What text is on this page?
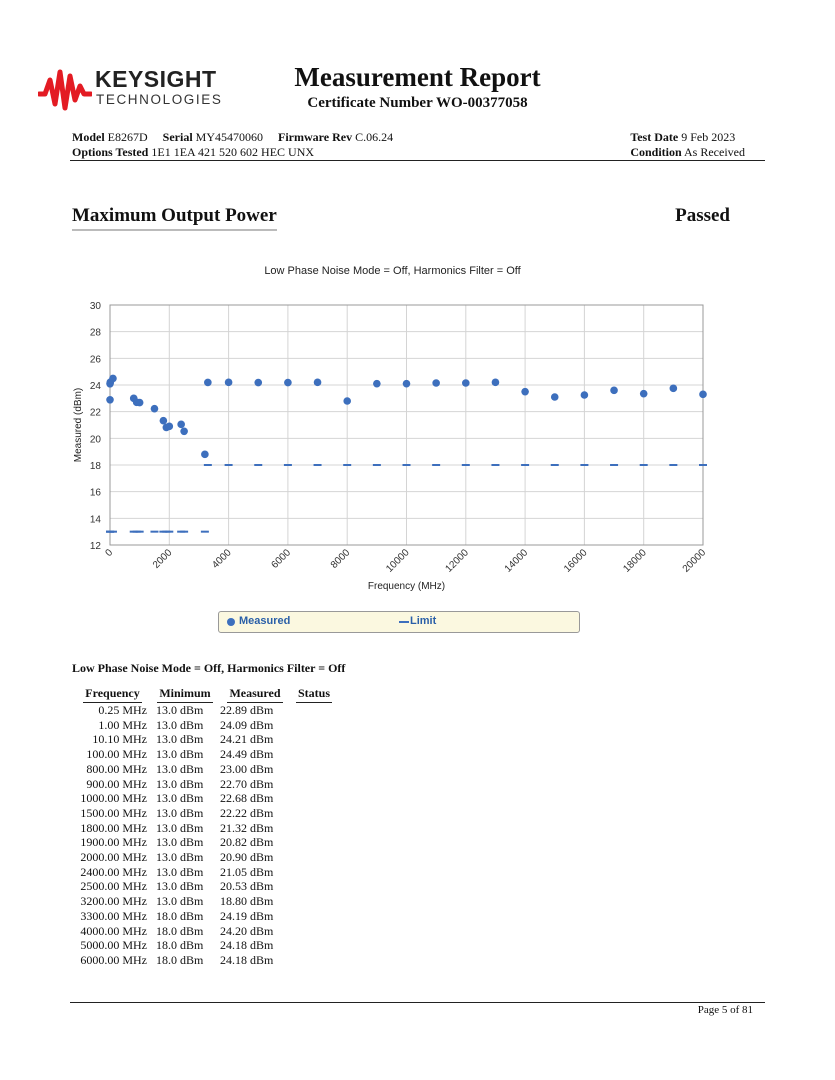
KEYSIGHT
TECHNOLOGIES
Measurement Report
Certificate Number WO-00377058
Model E8267D Serial MY45470060 Firmware Rev C.06.24
Options Tested 1E1 1EA 421 520 602 HEC UNX
Test Date 9 Feb 2023
Condition As Received
Maximum Output Power	Passed
Low Phase Noise Mode = Off, Harmonics Filter = Off
12
14
16
18
20
22
24
26
28
30
0	2000	4000	6000	8000	10000	12000	14000	16000	18000	20000
Frequency (MHz)
Measured (dBm)
Measured	Limit
Low Phase Noise Mode = Off, Harmonics Filter = Off
Frequency	Minimum	Measured	Status
0.25 MHz	13.0 dBm	22.89 dBm	
1.00 MHz	13.0 dBm	24.09 dBm	
10.10 MHz	13.0 dBm	24.21 dBm	
100.00 MHz	13.0 dBm	24.49 dBm	
800.00 MHz	13.0 dBm	23.00 dBm	
900.00 MHz	13.0 dBm	22.70 dBm	
1000.00 MHz	13.0 dBm	22.68 dBm	
1500.00 MHz	13.0 dBm	22.22 dBm	
1800.00 MHz	13.0 dBm	21.32 dBm	
1900.00 MHz	13.0 dBm	20.82 dBm	
2000.00 MHz	13.0 dBm	20.90 dBm	
2400.00 MHz	13.0 dBm	21.05 dBm	
2500.00 MHz	13.0 dBm	20.53 dBm	
3200.00 MHz	13.0 dBm	18.80 dBm	
3300.00 MHz	18.0 dBm	24.19 dBm	
4000.00 MHz	18.0 dBm	24.20 dBm	
5000.00 MHz	18.0 dBm	24.18 dBm	
6000.00 MHz	18.0 dBm	24.18 dBm	
Page 5 of 81
